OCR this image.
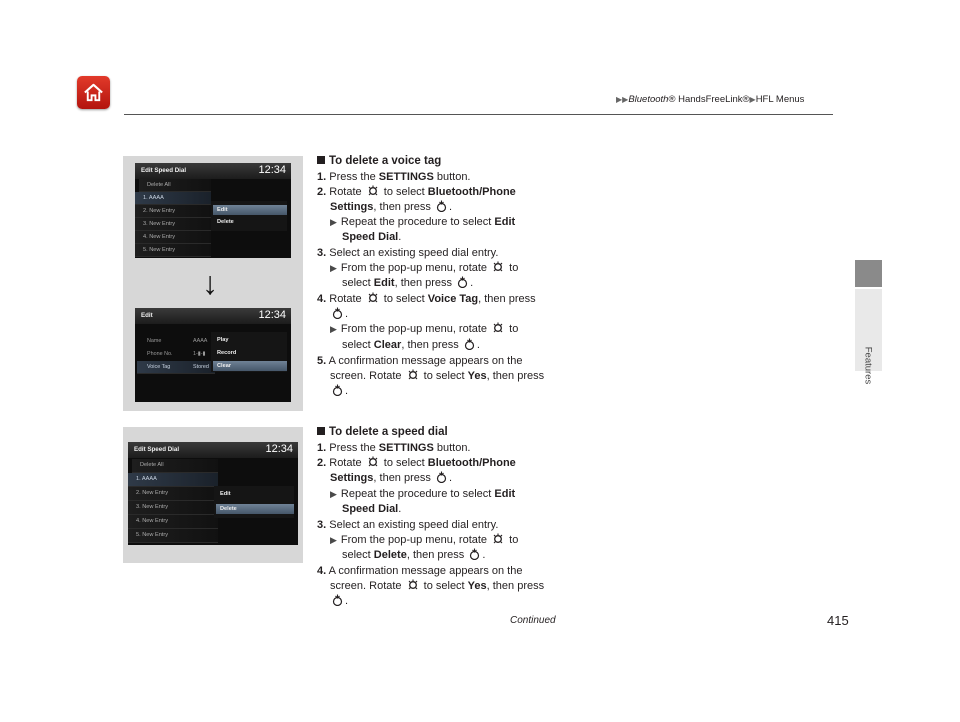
▶▶Bluetooth® HandsFreeLink®▶HFL Menus
Features
Edit Speed Dial	12:34
Delete All
1. AAAA
2. New Entry
3. New Entry
4. New Entry
5. New Entry
Edit
Delete
↓
Edit	12:34
Name	AAAA
Phone No.	1-▮-▮
Voice Tag	Stored
Play
Record
Clear
Edit Speed Dial	12:34
Delete All
1. AAAA
2. New Entry
3. New Entry
4. New Entry
5. New Entry
Edit
Delete
To delete a voice tag
1. Press the SETTINGS button.
2. Rotate  to select Bluetooth/Phone
Settings, then press .
▶ Repeat the procedure to select Edit
Speed Dial.
3. Select an existing speed dial entry.
▶ From the pop-up menu, rotate  to
select Edit, then press .
4. Rotate  to select Voice Tag, then press
.
▶ From the pop-up menu, rotate  to
select Clear, then press .
5. A confirmation message appears on the
screen. Rotate  to select Yes, then press
.
To delete a speed dial
1. Press the SETTINGS button.
2. Rotate  to select Bluetooth/Phone
Settings, then press .
▶ Repeat the procedure to select Edit
Speed Dial.
3. Select an existing speed dial entry.
▶ From the pop-up menu, rotate  to
select Delete, then press .
4. A confirmation message appears on the
screen. Rotate  to select Yes, then press
.
Continued	415
